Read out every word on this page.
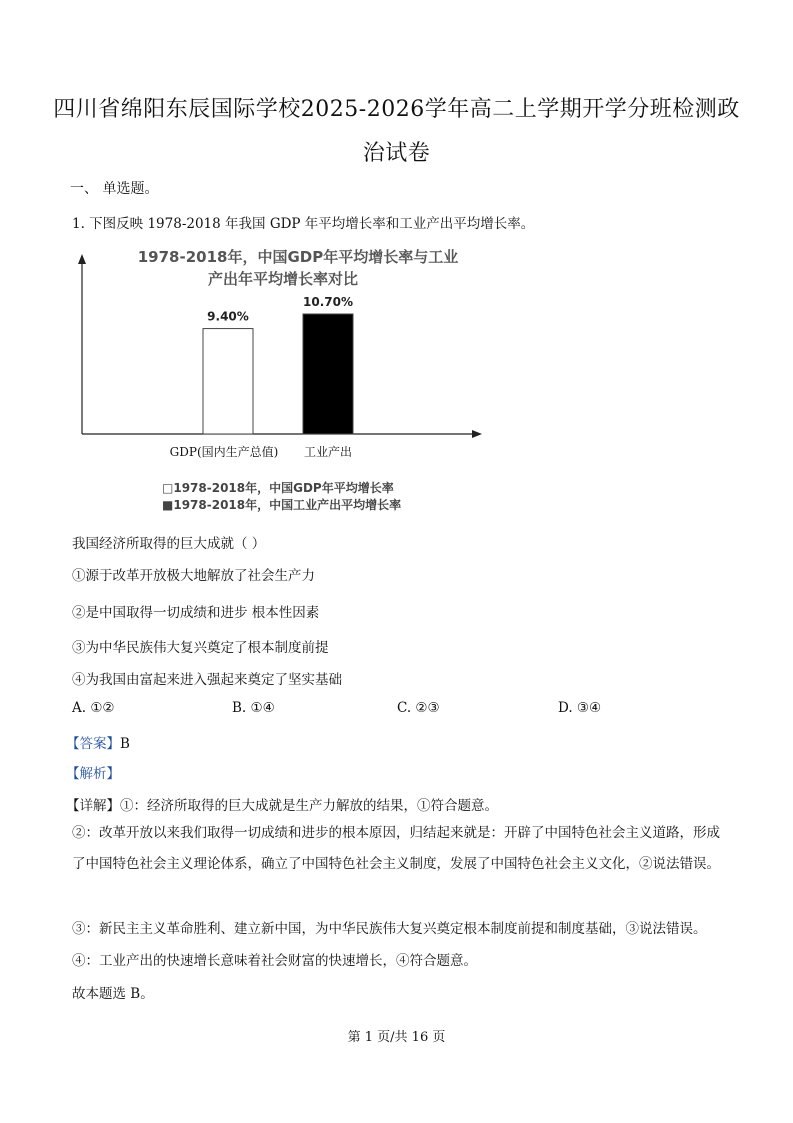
四川省绵阳东辰国际学校2025-2026学年高二上学期开学分班检测政
治试卷
一、 单选题。
1. 下图反映 1978-2018 年我国 GDP 年平均增长率和工业产出平均增长率。
1978-2018年，中国GDP年平均增长率与工业
产出年平均增长率对比
9.40%
GDP(国内生产总值)
10.70%
工业产出
□1978-2018年，中国GDP年平均增长率
■1978-2018年，中国工业产出平均增长率
我国经济所取得的巨大成就（ ）
①源于改革开放极大地解放了社会生产力
②是中国取得一切成绩和进步 根本性因素
③为中华民族伟大复兴奠定了根本制度前提
④为我国由富起来进入强起来奠定了坚实基础
A. ①②	B. ①④	C. ②③	D. ③④
【答案】B
【解析】
【详解】①：经济所取得的巨大成就是生产力解放的结果，①符合题意。
②：改革开放以来我们取得一切成绩和进步的根本原因，归结起来就是：开辟了中国特色社会主义道路，形成了中国特色社会主义理论体系，确立了中国特色社会主义制度，发展了中国特色社会主义文化，②说法错误。
③：新民主主义革命胜利、建立新中国，为中华民族伟大复兴奠定根本制度前提和制度基础，③说法错误。
④：工业产出的快速增长意味着社会财富的快速增长，④符合题意。
故本题选 B。
第 1 页/共 16 页
